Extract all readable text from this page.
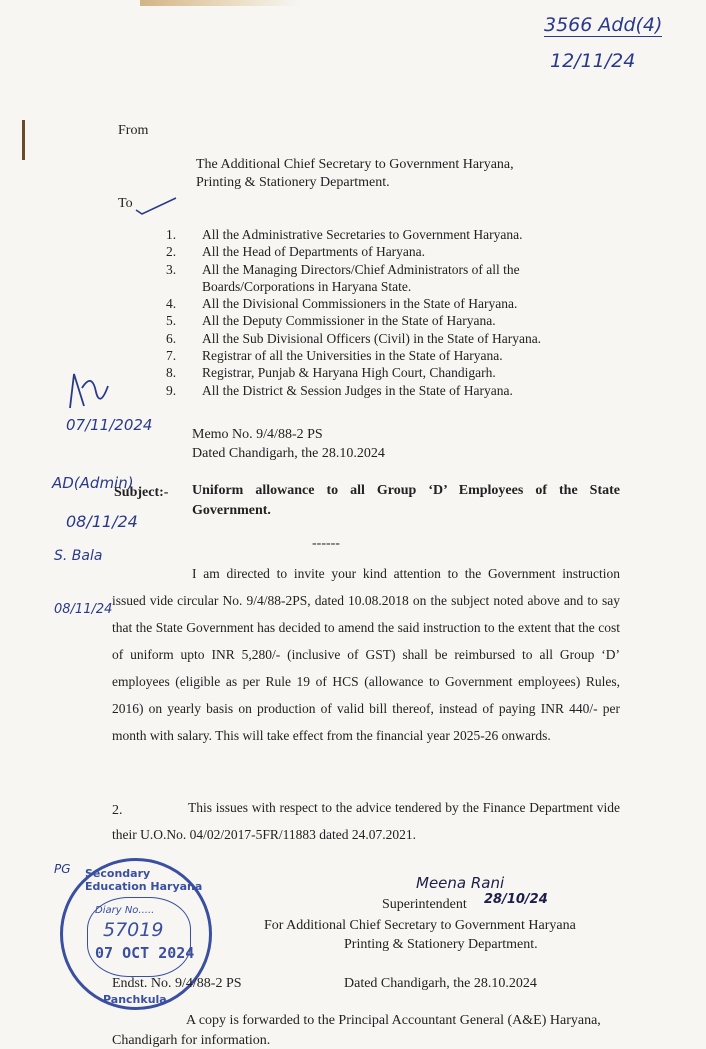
3566 Add(4)
12/11/24
From
The Additional Chief Secretary to Government Haryana,
Printing & Stationery Department.
To
1.	All the Administrative Secretaries to Government Haryana.
2.	All the Head of Departments of Haryana.
3.	All the Managing Directors/Chief Administrators of all the
Boards/Corporations in Haryana State.
4.	All the Divisional Commissioners in the State of Haryana.
5.	All the Deputy Commissioner in the State of Haryana.
6.	All the Sub Divisional Officers (Civil) in the State of Haryana.
7.	Registrar of all the Universities in the State of Haryana.
8.	Registrar, Punjab & Haryana High Court, Chandigarh.
9.	All the District & Session Judges in the State of Haryana.
07/11/2024
Memo No. 9/4/88-2 PS
Dated Chandigarh, the 28.10.2024
AD(Admin)
Subject:- Uniform allowance to all Group ‘D’ Employees of the State
Government.
08/11/24
------
S. Bala
08/11/24
I am directed to invite your kind attention to the Government instruction issued vide circular No. 9/4/88-2PS, dated 10.08.2018 on the subject noted above and to say that the State Government has decided to amend the said instruction to the extent that the cost of uniform upto INR 5,280/- (inclusive of GST) shall be reimbursed to all Group ‘D’ employees (eligible as per Rule 19 of HCS (allowance to Government employees) Rules, 2016) on yearly basis on production of valid bill thereof, instead of paying INR 440/- per month with salary. This will take effect from the financial year 2025-26 onwards.
2.	This issues with respect to the advice tendered by the Finance Department vide their U.O.No. 04/02/2017-5FR/11883 dated 24.07.2021.
Secondary Education Haryana
Diary No.....
57019
07 OCT 2024
Panchkula
PG
Meena Rani
28/10/24
Superintendent
For Additional Chief Secretary to Government Haryana
Printing & Stationery Department.
Endst. No. 9/4/88-2 PS	Dated Chandigarh, the 28.10.2024
A copy is forwarded to the Principal Accountant General (A&E) Haryana,
Chandigarh for information.
